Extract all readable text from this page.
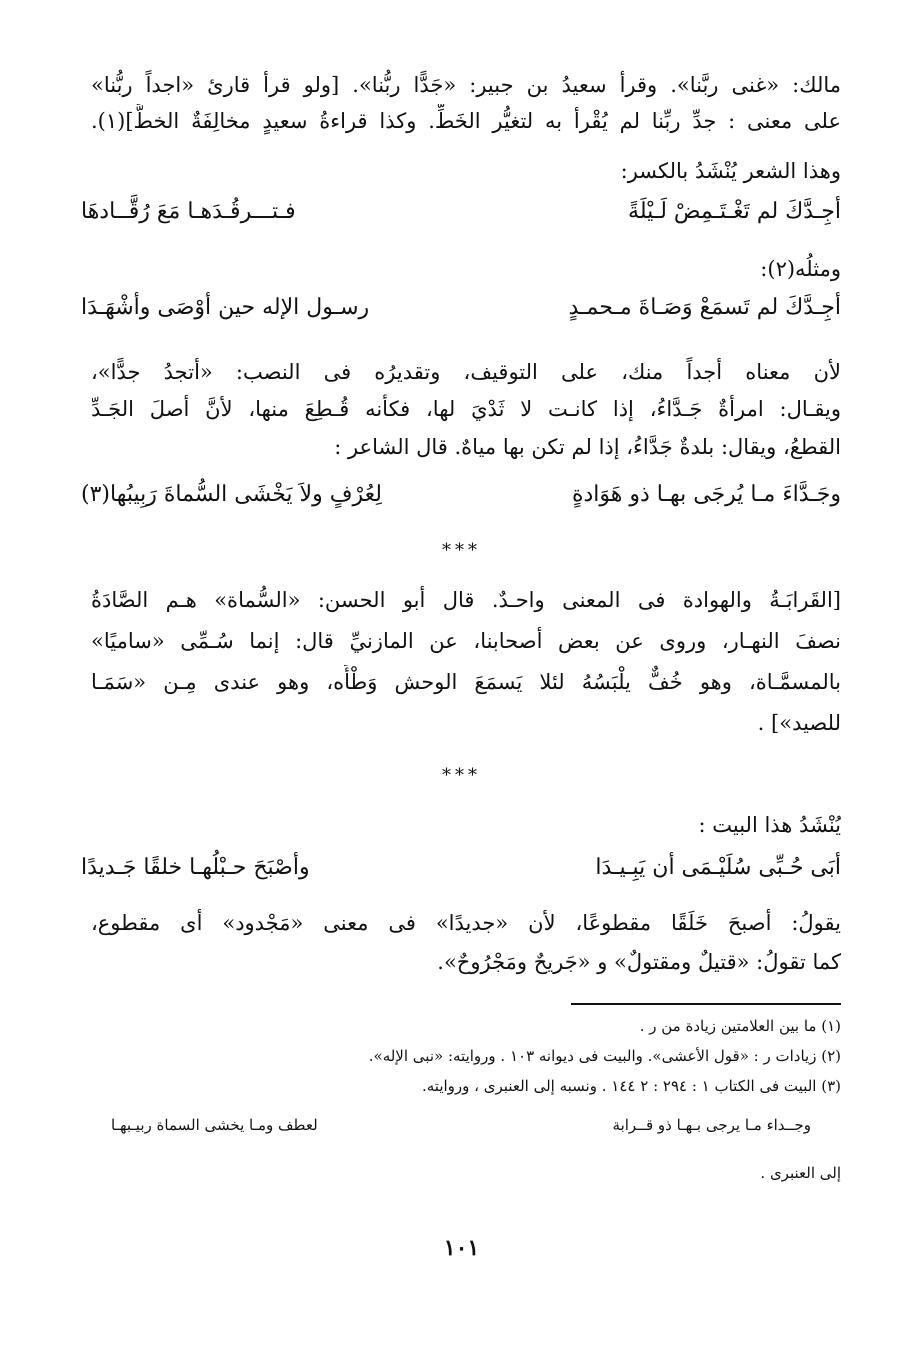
مالك: «غنى ربَّنا». وقرأ سعيدُ بن جبير: «جَدًّا ربُّنا». [ولو قرأ قارئ «اجداً ربُّنا»
على معنى : جدِّ ربِّنا لم يُقْرأ به لتغيُّر الخَطِّ. وكذا قراءةُ سعيدٍ مخالِفَةٌ الخطَّ](١).
وهذا الشعر يُنْشَدُ بالكسر:
أجِـدَّكَ لم تَغْـتَـمِضْ لَـيْلَةً
فـتـــرقُـدَهـا مَعَ رُقَّــادهَا
ومثلُه(٢):
أجِـدَّكَ لم تَسمَعْ وَصَـاةَ مـحمـدٍ
رسـول الإله حين أوْصَى وأشْهَـدَا
لأن معناه أجداً منك، على التوقيف، وتقديرُه فى النصب: «أتجدُ جدًّا»،
ويقـال: امرأةٌ جَـدَّاءُ، إذا كانـت لا ثَدْيَ لها، فكأنه قُـطِعَ منها، لأنَّ أصلَ الجَـدِّ
القطعُ، ويقال: بلدةٌ جَدَّاءُ، إذا لم تكن بها مياهٌ. قال الشاعر :
وجَـدَّاءَ مـا يُرجَى بهـا ذو هَوَادةٍ
لِعُرْفٍ ولاَ يَخْشَى السُّماةَ رَبِيبُها(٣)
***
[القَرابَـةُ والهوادة فى المعنى واحـدٌ. قال أبو الحسن: «السُّماة» هـم الصَّادَةُ
نصفَ النهـار، وروى عن بعض أصحابنا، عن المازنيِّ قال: إنما سُـمِّى «ساميًا»
بالمسمَّـاة، وهو خُفٌّ يلْبَسُهُ لئلا يَسمَعَ الوحش وَطْأَه، وهو عندى مِـن «سَمَـا
للصيد»] .
***
يُنْشَدُ هذا البيت :
أبَى حُـبِّى سُلَيْـمَى أن يَبِـيـدَا
وأصْبَحَ حـبْلُهـا خلقًا جَـديدًا
يقولُ: أصبحَ خَلَقًا مقطوعًا، لأن «جديدًا» فى معنى «مَجْدود» أى مقطوع،
كما تقولُ: «قتيلٌ ومقتولٌ» و «جَريحٌ ومَجْرُوحٌ».
(١) ما بين العلامتين زيادة من ر .
(٢) زيادات ر : «قول الأعشى». والبيت فى ديوانه ١٠٣ . وروايته: «نبى الإله».
(٣) البيت فى الكتاب ١ : ٢٩٤ : ٢ ١٤٤ . ونسبه إلى العنبرى ، وروايته.
وجــداء مـا يرجى بـهـا ذو قــرابة
لعطف ومـا يخشى السماة ربيـبهـا
إلى العنبرى .
١٠١
